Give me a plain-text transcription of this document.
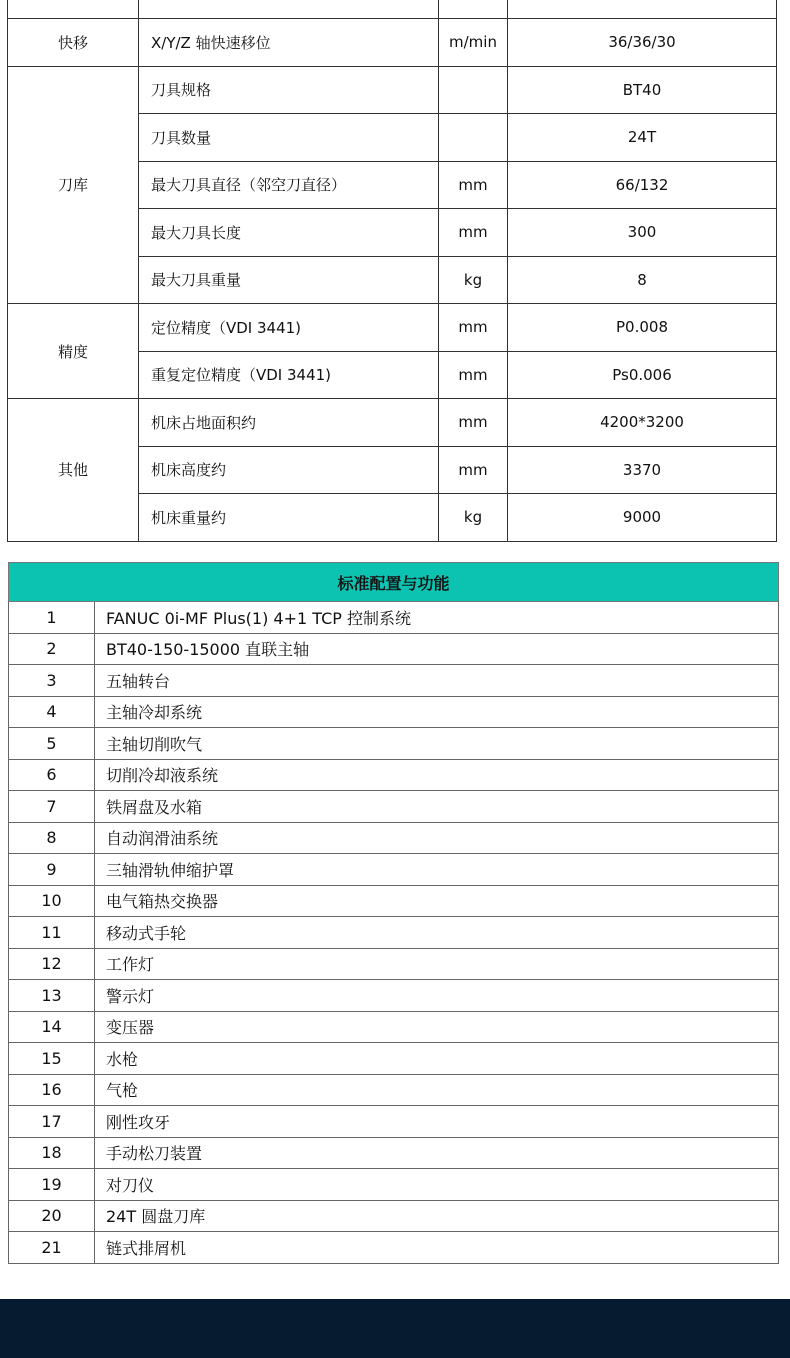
快移	X/Y/Z 轴快速移位	m/min	36/36/30
刀库	刀具规格		BT40
	刀具数量		24T
	最大刀具直径（邻空刀直径）	mm	66/132
	最大刀具长度	mm	300
	最大刀具重量	kg	8
精度	定位精度（VDI 3441)	mm	P0.008
	重复定位精度（VDI 3441)	mm	Ps0.006
其他	机床占地面积约	mm	4200*3200
	机床高度约	mm	3370
	机床重量约	kg	9000
标准配置与功能	
1	FANUC 0i-MF Plus(1) 4+1 TCP 控制系统
2	BT40-150-15000 直联主轴
3	五轴转台
4	主轴冷却系统
5	主轴切削吹气
6	切削冷却液系统
7	铁屑盘及水箱
8	自动润滑油系统
9	三轴滑轨伸缩护罩
10	电气箱热交换器
11	移动式手轮
12	工作灯
13	警示灯
14	变压器
15	水枪
16	气枪
17	刚性攻牙
18	手动松刀装置
19	对刀仪
20	24T 圆盘刀库
21	链式排屑机
